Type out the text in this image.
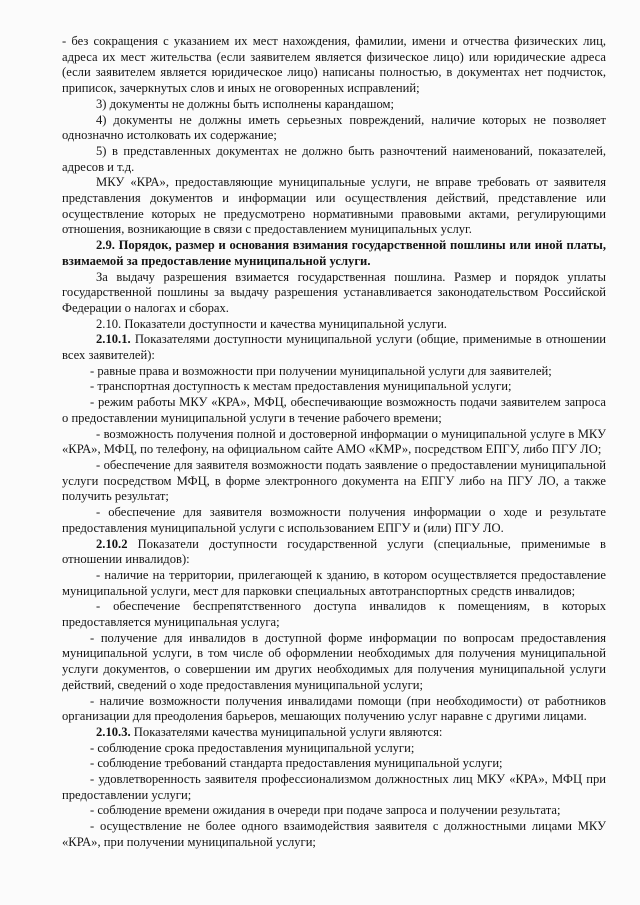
- без сокращения с указанием их мест нахождения, фамилии, имени и отчества физических лиц, адреса их мест жительства (если заявителем является физическое лицо) или юридические адреса (если заявителем является юридическое лицо) написаны полностью, в документах нет подчисток, приписок, зачеркнутых слов и иных не оговоренных исправлений;

3) документы не должны быть исполнены карандашом;

4) документы не должны иметь серьезных повреждений, наличие которых не позволяет однозначно истолковать их содержание;

5) в представленных документах не должно быть разночтений наименований, показателей, адресов и т.д.

МКУ «КРА», предоставляющие муниципальные услуги, не вправе требовать от заявителя представления документов и информации или осуществления действий, представление или осуществление которых не предусмотрено нормативными правовыми актами, регулирующими отношения, возникающие в связи с предоставлением муниципальных услуг.

2.9. Порядок, размер и основания взимания государственной пошлины или иной платы, взимаемой за предоставление муниципальной услуги.

За выдачу разрешения взимается государственная пошлина. Размер и порядок уплаты государственной пошлины за выдачу разрешения устанавливается законодательством Российской Федерации о налогах и сборах.

2.10. Показатели доступности и качества муниципальной услуги.

2.10.1. Показателями доступности муниципальной услуги (общие, применимые в отношении всех заявителей):

- равные права и возможности при получении муниципальной услуги для заявителей;

- транспортная доступность к местам предоставления муниципальной услуги;

- режим работы МКУ «КРА», МФЦ, обеспечивающие возможность подачи заявителем запроса о предоставлении муниципальной услуги в течение рабочего времени;

- возможность получения полной и достоверной информации о муниципальной услуге в МКУ «КРА», МФЦ, по телефону, на официальном сайте АМО «КМР», посредством ЕПГУ, либо ПГУ ЛО;

- обеспечение для заявителя возможности подать заявление о предоставлении муниципальной услуги посредством МФЦ, в форме электронного документа на ЕПГУ либо на ПГУ ЛО, а также получить результат;

- обеспечение для заявителя возможности получения информации о ходе и результате предоставления муниципальной услуги с использованием ЕПГУ и (или) ПГУ ЛО.

2.10.2 Показатели доступности государственной услуги (специальные, применимые в отношении инвалидов):

- наличие на территории, прилегающей к зданию, в котором осуществляется предоставление муниципальной услуги, мест для парковки специальных автотранспортных средств инвалидов;

- обеспечение беспрепятственного доступа инвалидов к помещениям, в которых предоставляется муниципальная услуга;

- получение для инвалидов в доступной форме информации по вопросам предоставления муниципальной услуги, в том числе об оформлении необходимых для получения муниципальной услуги документов, о совершении им других необходимых для получения муниципальной услуги действий, сведений о ходе предоставления муниципальной услуги;

- наличие возможности получения инвалидами помощи (при необходимости) от работников организации для преодоления барьеров, мешающих получению услуг наравне с другими лицами.

2.10.3. Показателями качества муниципальной услуги являются:

- соблюдение срока предоставления муниципальной услуги;

- соблюдение требований стандарта предоставления муниципальной услуги;

- удовлетворенность заявителя профессионализмом должностных лиц МКУ «КРА», МФЦ при предоставлении услуги;

- соблюдение времени ожидания в очереди при подаче запроса и получении результата;

- осуществление не более одного взаимодействия заявителя с должностными лицами МКУ «КРА», при получении муниципальной услуги;
